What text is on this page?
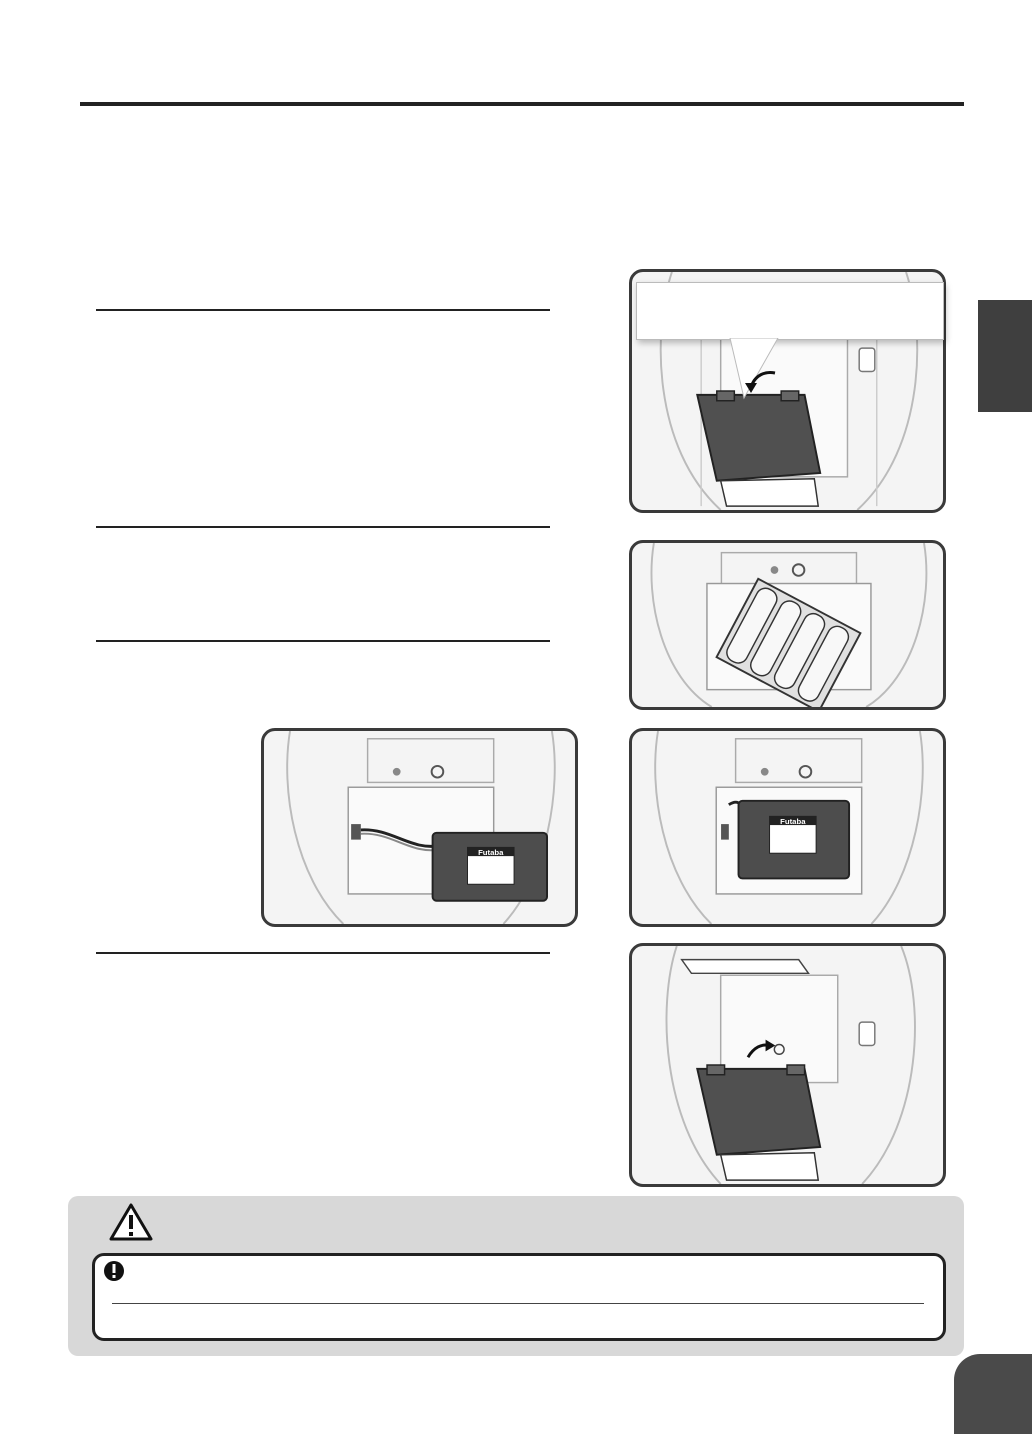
Futaba
Futaba
